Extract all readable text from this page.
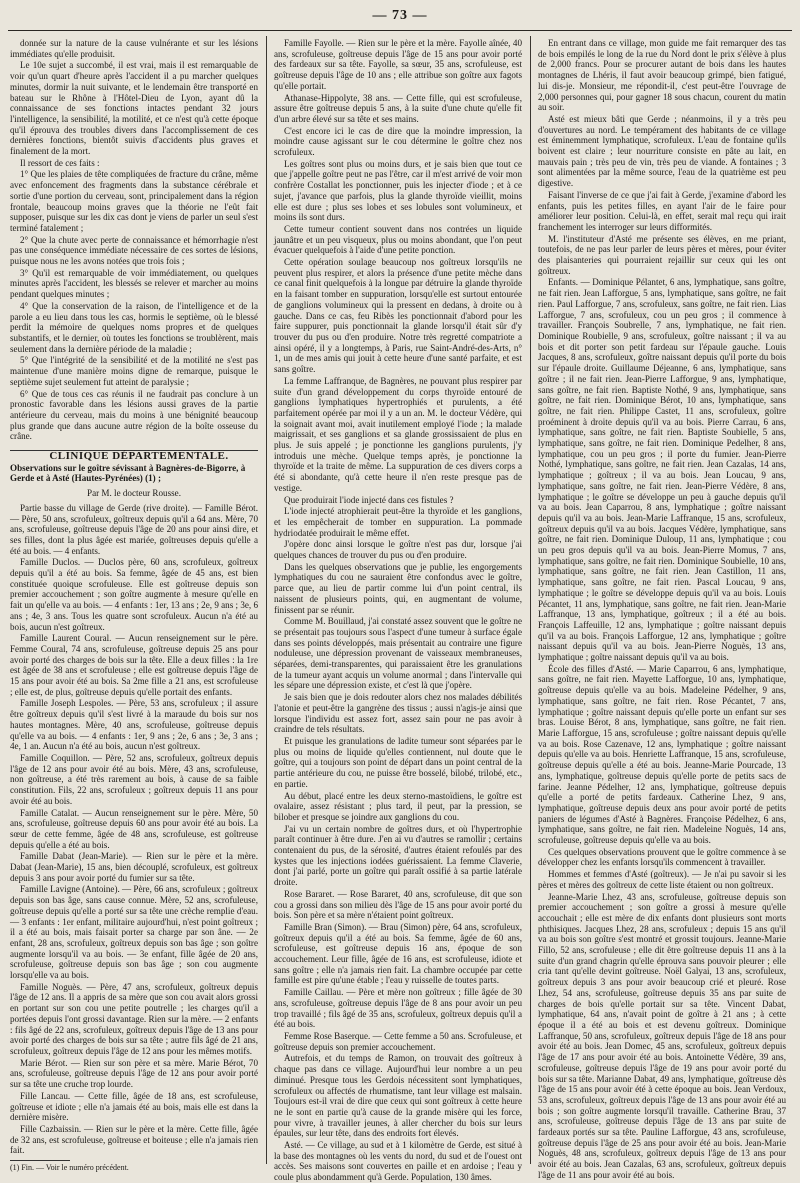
— 73 —

donnée sur la nature de la cause vulnérante et sur les lésions immédiates qu'elle produisit.

Le 10e sujet a succombé, il est vrai, mais il est remarquable de voir qu'un quart d'heure après l'accident il a pu marcher quelques minutes, dormir la nuit suivante, et le lendemain être transporté en bateau sur le Rhône à l'Hôtel-Dieu de Lyon, ayant dû la connaissance de ses fonctions intactes pendant 32 jours l'intelligence, la sensibilité, la motilité, et ce n'est qu'à cette époque qu'il éprouva des troubles divers dans l'accomplissement de ces dernières fonctions, bientôt suivis d'accidents plus graves et finalement de la mort.

Il ressort de ces faits :

1° Que les plaies de tête compliquées de fracture du crâne, même avec enfoncement des fragments dans la substance cérébrale et sortie d'une portion du cerveau, sont, principalement dans la région frontale, beaucoup moins graves que la théorie ne l'eût fait supposer, puisque sur les dix cas dont je viens de parler un seul s'est terminé fatalement ;

2° Que la chute avec perte de connaissance et hémorrhagie n'est pas une conséquence immédiate nécessaire de ces sortes de lésions, puisque nous ne les avons notées que trois fois ;

3° Qu'il est remarquable de voir immédiatement, ou quelques minutes après l'accident, les blessés se relever et marcher au moins pendant quelques minutes ;

4° Que la conservation de la raison, de l'intelligence et de la parole a eu lieu dans tous les cas, hormis le septième, où le blessé perdit la mémoire de quelques noms propres et de quelques substantifs, et le dernier, où toutes les fonctions se troublèrent, mais seulement dans la dernière période de la maladie ;

5° Que l'intégrité de la sensibilité et de la motilité ne s'est pas maintenue d'une manière moins digne de remarque, puisque le septième sujet seulement fut atteint de paralysie ;

6° Que de tous ces cas réunis il ne faudrait pas conclure à un pronostic favorable dans les lésions aussi graves de la partie antérieure du cerveau, mais du moins à une bénignité beaucoup plus grande que dans aucune autre région de la boîte osseuse du crâne.

CLINIQUE DÉPARTEMENTALE.

Observations sur le goître sévissant à Bagnères-de-Bigorre, à Gerde et à Asté (Hautes-Pyrénées) (1) ;

Par M. le docteur Rousse.

Partie basse du village de Gerde (rive droite). — Famille Bérot. — Père, 50 ans, scrofuleux, goîtreux depuis qu'il a 64 ans. Mère, 70 ans, scrofuleuse, goîtreuse depuis l'âge de 20 ans pour ainsi dire, et ses filles, dont la plus âgée est mariée, goîtreuses depuis qu'elle a été au bois. — 4 enfants.

Famille Duclos. — Duclos père, 60 ans, scrofuleux, goîtreux depuis qu'il a été au bois. Sa femme, âgée de 45 ans, est bien constituée quoique scrofuleuse. Elle est goîtreuse depuis son premier accouchement ; son goître augmente à mesure qu'elle en fait un qu'elle va au bois. — 4 enfants : 1er, 13 ans ; 2e, 9 ans ; 3e, 6 ans ; 4e, 3 ans. Tous les quatre sont scrofuleux. Aucun n'a été au bois, aucun n'est goîtreux.

Famille Laurent Coural. — Aucun renseignement sur le père. Femme Coural, 74 ans, scrofuleuse, goîtreuse depuis 25 ans pour avoir porté des charges de bois sur la tête. Elle a deux filles : la 1re est âgée de 38 ans et scrofuleuse ; elle est goîtreuse depuis l'âge de 15 ans pour avoir été au bois. Sa 2me fille a 21 ans, est scrofuleuse ; elle est, de plus, goîtreuse depuis qu'elle portait des enfants.

Famille Joseph Lespoles. — Père, 53 ans, scrofuleux ; il assure être goîtreux depuis qu'il s'est livré à la maraude du bois sur nos hautes montagnes. Mère, 40 ans, scrofuleuse, goîtreuse depuis qu'elle va au bois. — 4 enfants : 1er, 9 ans ; 2e, 6 ans ; 3e, 3 ans ; 4e, 1 an. Aucun n'a été au bois, aucun n'est goîtreux.

Famille Coquillon. — Père, 52 ans, scrofuleux, goîtreux depuis l'âge de 12 ans pour avoir été au bois. Mère, 43 ans, scrofuleuse, non goîtreuse, a été très rarement au bois, à cause de sa faible constitution. Fils, 22 ans, scrofuleux ; goîtreux depuis 11 ans pour avoir été au bois.

Famille Catalat. — Aucun renseignement sur le père. Mère, 50 ans, scrofuleuse, goîtreuse depuis 60 ans pour avoir été au bois. La sœur de cette femme, âgée de 48 ans, scrofuleuse, est goîtreuse depuis qu'elle a été au bois.

Famille Dabat (Jean-Marie). — Rien sur le père et la mère. Dabat (Jean-Marie), 15 ans, bien découplé, scrofuleux, est goîtreux depuis 3 ans pour avoir porté du fumier sur sa tête.

Famille Lavigne (Antoine). — Père, 66 ans, scrofuleux ; goîtreux depuis son bas âge, sans cause connue. Mère, 52 ans, scrofuleuse, goîtreuse depuis qu'elle a porté sur sa tête une crèche remplie d'eau. — 3 enfants : 1er enfant, militaire aujourd'hui, n'est point goîtreux ; il a été au bois, mais faisait porter sa charge par son âne. — 2e enfant, 28 ans, scrofuleux, goîtreux depuis son bas âge ; son goître augmente lorsqu'il va au bois. — 3e enfant, fille âgée de 20 ans, scrofuleuse, goîtreuse depuis son bas âge ; son cou augmente lorsqu'elle va au bois.

Famille Noguès. — Père, 47 ans, scrofuleux, goîtreux depuis l'âge de 12 ans. Il a appris de sa mère que son cou avait alors grossi en portant sur son cou une petite poutrelle ; les charges qu'il a portées depuis l'ont grossi davantage. Rien sur la mère. — 2 enfants : fils âgé de 22 ans, scrofuleux, goîtreux depuis l'âge de 13 ans pour avoir porté des charges de bois sur sa tête ; autre fils âgé de 21 ans, scrofuleux, goîtreux depuis l'âge de 12 ans pour les mêmes motifs.

Marie Bérot. — Rien sur son père et sa mère. Marie Bérot, 70 ans, scrofuleuse, goîtreuse depuis l'âge de 12 ans pour avoir porté sur sa tête une cruche trop lourde.

Fille Lancau. — Cette fille, âgée de 18 ans, est scrofuleuse, goîtreuse et idiote ; elle n'a jamais été au bois, mais elle est dans la dernière misère.

Fille Cazbaissin. — Rien sur le père et la mère. Cette fille, âgée de 32 ans, est scrofuleuse, goîtreuse et boiteuse ; elle n'a jamais rien fait.

(1) Fin. — Voir le numéro précédent.

Famille Fayolle. — Rien sur le père et la mère. Fayolle aînée, 40 ans, scrofuleuse, goîtreuse depuis l'âge de 15 ans pour avoir porté des fardeaux sur sa tête. Fayolle, sa sœur, 35 ans, scrofuleuse, est goîtreuse depuis l'âge de 10 ans ; elle attribue son goître aux fagots qu'elle portait.

Athanase-Hippolyte, 38 ans. — Cette fille, qui est scrofuleuse, assure être goîtreuse depuis 5 ans, à la suite d'une chute qu'elle fit d'un arbre élevé sur sa tête et ses mains.

C'est encore ici le cas de dire que la moindre impression, la moindre cause agissant sur le cou détermine le goître chez nos scrofuleux.

Les goîtres sont plus ou moins durs, et je sais bien que tout ce que j'appelle goître peut ne pas l'être, car il m'est arrivé de voir mon confrère Costallat les ponctionner, puis les injecter d'iode ; et à ce sujet, j'avance que parfois, plus la glande thyroïde vieillit, moins elle est dure ; plus ses lobes et ses lobules sont volumineux, et moins ils sont durs.

Cette tumeur contient souvent dans nos contrées un liquide jaunâtre et un peu visqueux, plus ou moins abondant, que l'on peut évacuer quelquefois à l'aide d'une petite ponction.

Cette opération soulage beaucoup nos goîtreux lorsqu'ils ne peuvent plus respirer, et alors la présence d'une petite mèche dans ce canal finit quelquefois à la longue par détruire la glande thyroïde en la faisant tomber en suppuration, lorsqu'elle est surtout entourée de ganglions volumineux qui la pressent en dedans, à droite ou à gauche. Dans ce cas, feu Ribès les ponctionnait d'abord pour les faire suppurer, puis ponctionnait la glande lorsqu'il était sûr d'y trouver du pus ou d'en produire. Notre très regretté compatriote a ainsi opéré, il y a longtemps, à Paris, rue Saint-André-des-Arts, n° 1, un de mes amis qui jouit à cette heure d'une santé parfaite, et est sans goître.

La femme Laffranque, de Bagnères, ne pouvant plus respirer par suite d'un grand développement du corps thyroïde entouré de ganglions lymphatiques hypertrophiés et purulents, a été parfaitement opérée par moi il y a un an. M. le docteur Védère, qui la soignait avant moi, avait inutilement employé l'iode ; la malade maigrissait, et ses ganglions et sa glande grossissaient de plus en plus. Je suis appelé ; je ponctionne les ganglions purulents, j'y introduis une mèche. Quelque temps après, je ponctionne la thyroïde et la traite de même. La suppuration de ces divers corps a été si abondante, qu'à cette heure il n'en reste presque pas de vestige.

Que produirait l'iode injecté dans ces fistules ?

L'iode injecté atrophierait peut-être la thyroïde et les ganglions, et les empêcherait de tomber en suppuration. La pommade hydriodatée produirait le même effet.

J'opère donc ainsi lorsque le goître n'est pas dur, lorsque j'ai quelques chances de trouver du pus ou d'en produire.

Dans les quelques observations que je publie, les engorgements lymphatiques du cou ne sauraient être confondus avec le goître, parce que, au lieu de partir comme lui d'un point central, ils naissent de plusieurs points, qui, en augmentant de volume, finissent par se réunir.

Comme M. Bouillaud, j'ai constaté assez souvent que le goître ne se présentait pas toujours sous l'aspect d'une tumeur à surface égale dans ses points développés, mais présentait au contraire une figure noduleuse, une dépression provenant de vaisseaux membraneuses, séparées, demi-transparentes, qui paraissaient être les granulations de la tumeur ayant acquis un volume anormal ; dans l'intervalle qui les sépare une dépression existe, et c'est là que j'opère.

Je sais bien que je dois redouter alors chez nos malades débilités l'atonie et peut-être la gangrène des tissus ; aussi n'agis-je ainsi que lorsque l'individu est assez fort, assez sain pour ne pas avoir à craindre de tels résultats.

Et puisque les granulations de ladite tumeur sont séparées par le plus ou moins de liquide qu'elles contiennent, nul doute que le goître, qui a toujours son point de départ dans un point central de la partie antérieure du cou, ne puisse être bosselé, bilobé, trilobé, etc., en partie.

Au début, placé entre les deux sterno-mastoïdiens, le goître est ovalaire, assez résistant ; plus tard, il peut, par la pression, se bilober et presque se joindre aux ganglions du cou.

J'ai vu un certain nombre de goîtres durs, et où l'hypertrophie paraît continuer à être dure. J'en ai vu d'autres se ramollir ; certains contenaient du pus, de la sérosité, d'autres étaient refoulés par des kystes que les injections iodées guérissaient. La femme Claverie, dont j'ai parlé, porte un goître qui paraît ossifié à sa partie latérale droite.

Rose Bararet. — Rose Bararet, 40 ans, scrofuleuse, dit que son cou a grossi dans son milieu dès l'âge de 15 ans pour avoir porté du bois. Son père et sa mère n'étaient point goîtreux.

Famille Bran (Simon). — Brau (Simon) père, 64 ans, scrofuleux, goîtreux depuis qu'il a été au bois. Sa femme, âgée de 60 ans, scrofuleuse, est goîtreuse depuis 16 ans, époque de son accouchement. Leur fille, âgée de 16 ans, est scrofuleuse, idiote et sans goître ; elle n'a jamais rien fait. La chambre occupée par cette famille est pire qu'une étable ; l'eau y ruisselle de toutes parts.

Famille Caillau. — Père et mère non goîtreux ; fille âgée de 30 ans, scrofuleuse, goîtreuse depuis l'âge de 8 ans pour avoir un peu trop travaillé ; fils âgé de 35 ans, scrofuleux, goîtreux depuis qu'il a été au bois.

Femme Rose Baserque. — Cette femme a 50 ans. Scrofuleuse, et goîtreuse depuis son premier accouchement.

Autrefois, et du temps de Ramon, on trouvait des goîtreux à chaque pas dans ce village. Aujourd'hui leur nombre a un peu diminué. Presque tous les Gerdois nécessitent sont lymphatiques, scrofuleux ou affectés de rhumatisme, tant leur village est malsain. Toujours est-il vrai de dire que ceux qui sont goîtreux à cette heure ne le sont en partie qu'à cause de la grande misère qui les force, pour vivre, à travailler jeunes, à aller chercher du bois sur leurs épaules, sur leur tête, dans des endroits fort élevés.

Asté. — Ce village, au sud et à 1 kilomètre de Gerde, est situé à la base des montagnes où les vents du nord, du sud et de l'ouest ont accès. Ses maisons sont couvertes en paille et en ardoise ; l'eau y coule plus abondamment qu'à Gerde. Population, 130 âmes.

En entrant dans ce village, mon guide me fait remarquer des tas de bois empilés le long de la rue du Nord dont le prix s'élève à plus de 2,000 francs. Pour se procurer autant de bois dans les hautes montagnes de Lhéris, il faut avoir beaucoup grimpé, bien fatigué, lui dis-je. Monsieur, me répondit-il, c'est peut-être l'ouvrage de 2,000 personnes qui, pour gagner 18 sous chacun, courent du matin au soir.

Asté est mieux bâti que Gerde ; néanmoins, il y a très peu d'ouvertures au nord. Le tempérament des habitants de ce village est éminemment lymphatique, scrofuleux. L'eau de fontaine qu'ils boivent est claire ; leur nourriture consiste en pâte au lait, en mauvais pain ; très peu de vin, très peu de viande. A fontaines ; 3 sont alimentées par la même source, l'eau de la quatrième est peu digestive.

Faisant l'inverse de ce que j'ai fait à Gerde, j'examine d'abord les enfants, puis les petites filles, en ayant l'air de le faire pour améliorer leur position. Celui-là, en effet, serait mal reçu qui irait franchement les interroger sur leurs difformités.

M. l'instituteur d'Asté me présente ses élèves, en me priant, toutefois, de ne pas leur parler de leurs pères et mères, pour éviter des plaisanteries qui pourraient rejaillir sur ceux qui les ont goîtreux.

Enfants. — Dominique Pélantet, 6 ans, lymphatique, sans goître, ne fait rien. Jean Lafforgue, 5 ans, lymphatique, sans goître, ne fait rien. Paul Lafforgue, 7 ans, scrofuleux, sans goître, ne fait rien. Lias Lafforgue, 7 ans, scrofuleux, cou un peu gros ; il commence à travailler. François Soubrelle, 7 ans, lymphatique, ne fait rien. Dominique Roubielle, 9 ans, scrofuleux, goître naissant ; il va au bois et dit porter son petit fardeau sur l'épaule gauche. Louis Jacques, 8 ans, scrofuleux, goître naissant depuis qu'il porte du bois sur l'épaule droite. Guillaume Déjeanne, 6 ans, lymphatique, sans goître ; il ne fait rien. Jean-Pierre Lafforgue, 9 ans, lymphatique, sans goître, ne fait rien. Baptiste Nothé, 9 ans, lymphatique, sans goître, ne fait rien. Dominique Bérot, 10 ans, lymphatique, sans goître, ne fait rien. Philippe Castet, 11 ans, scrofuleux, goître proéminent à droite depuis qu'il va au bois. Pierre Carrau, 6 ans, lymphatique, sans goître, ne fait rien. Baptiste Soubielle, 5 ans, lymphatique, sans goître, ne fait rien. Dominique Pedelher, 8 ans, lymphatique, cou un peu gros ; il porte du fumier. Jean-Pierre Nothé, lymphatique, sans goître, ne fait rien. Jean Cazalas, 14 ans, lymphatique ; goîtreux ; il va au bois. Jean Loucau, 9 ans, lymphatique, sans goître, ne fait rien. Jean-Pierre Védère, 8 ans, lymphatique ; le goître se développe un peu à gauche depuis qu'il va au bois. Jean Caparrou, 8 ans, lymphatique ; goître naissant depuis qu'il va au bois. Jean-Marie Laffranque, 15 ans, scrofuleux, goîtreux depuis qu'il va au bois. Jacques Védère, lymphatique, sans goître, ne fait rien. Dominique Duloup, 11 ans, lymphatique ; cou un peu gros depuis qu'il va au bois. Jean-Pierre Momus, 7 ans, lymphatique, sans goître, ne fait rien. Dominique Soubielle, 10 ans, lymphatique, sans goître, ne fait rien. Jean Castillon, 11 ans, lymphatique, sans goître, ne fait rien. Pascal Loucau, 9 ans, lymphatique ; le goître se développe depuis qu'il va au bois. Louis Pécantet, 11 ans, lymphatique, sans goître, ne fait rien. Jean-Marie Laffranque, 13 ans, lymphatique, goîtreux ; il a été au bois. François Laffeuille, 12 ans, lymphatique ; goître naissant depuis qu'il va au bois. François Lafforgue, 12 ans, lymphatique ; goître naissant depuis qu'il va au bois. Jean-Pierre Noguès, 13 ans, lymphatique ; goître naissant depuis qu'il va au bois.

École des filles d'Asté. — Marie Caparrou, 6 ans, lymphatique, sans goître, ne fait rien. Mayette Lafforgue, 10 ans, lymphatique, goîtreuse depuis qu'elle va au bois. Madeleine Pédelher, 9 ans, lymphatique, sans goître, ne fait rien. Rose Pécantet, 7 ans, lymphatique ; goître naissant depuis qu'elle porte un enfant sur ses bras. Louise Bérot, 8 ans, lymphatique, sans goître, ne fait rien. Marie Lafforgue, 15 ans, scrofuleuse ; goître naissant depuis qu'elle va au bois. Rose Cazenave, 12 ans, lymphatique ; goître naissant depuis qu'elle va au bois. Henriette Laffranque, 15 ans, scrofuleuse, goîtreuse depuis qu'elle a été au bois. Jeanne-Marie Pourcade, 13 ans, lymphatique, goîtreuse depuis qu'elle porte de petits sacs de farine. Jeanne Pédelher, 12 ans, lymphatique, goîtreuse depuis qu'elle a porté de petits fardeaux. Catherine Lhez, 9 ans, lymphatique, goîtreuse depuis deux ans pour avoir porté de petits paniers de légumes d'Asté à Bagnères. Françoise Pédelhez, 6 ans, lymphatique, sans goître, ne fait rien. Madeleine Noguès, 14 ans, scrofuleuse, goîtreuse depuis qu'elle va au bois.

Ces quelques observations prouvent que le goître commence à se développer chez les enfants lorsqu'ils commencent à travailler.

Hommes et femmes d'Asté (goîtreux). — Je n'ai pu savoir si les pères et mères des goîtreux de cette liste étaient ou non goîtreux.

Jeanne-Marie Lhez, 43 ans, scrofuleuse, goîtreuse depuis son premier accouchement ; son goître a grossi à mesure qu'elle accouchait ; elle est mère de dix enfants dont plusieurs sont morts phthisiques. Jacques Lhez, 28 ans, scrofuleux ; depuis 15 ans qu'il va au bois son goître s'est montré et grossit toujours. Jeanne-Marie Fillo, 52 ans, scrofuleuse ; elle dit être goîtreuse depuis 11 ans à la suite d'un grand chagrin qu'elle éprouva sans pouvoir pleurer ; elle cria tant qu'elle devint goîtreuse. Noël Galyai, 13 ans, scrofuleux, goîtreux depuis 3 ans pour avoir beaucoup crié et pleuré. Rose Lhez, 54 ans, scrofuleuse, goîtreuse depuis 35 ans par suite de charges de bois qu'elle portait sur sa tête. Vincent Dabat, lymphatique, 64 ans, n'avait point de goître à 21 ans ; à cette époque il a été au bois et est devenu goîtreux. Dominique Laffranque, 50 ans, scrofuleux, goîtreux depuis l'âge de 18 ans pour avoir été au bois. Jean Domec, 45 ans, scrofuleux, goîtreux depuis l'âge de 17 ans pour avoir été au bois. Antoinette Védère, 39 ans, scrofuleuse, goîtreuse depuis l'âge de 19 ans pour avoir porté du bois sur sa tête. Marianne Dabat, 49 ans, lymphatique, goîtreuse dès l'âge de 15 ans pour avoir été à cette époque au bois. Jean Verdoux, 53 ans, scrofuleux, goîtreux depuis l'âge de 13 ans pour avoir été au bois ; son goître augmente lorsqu'il travaille. Catherine Brau, 37 ans, scrofuleuse, goîtreuse depuis l'âge de 13 ans par suite de fardeaux portés sur sa tête. Pauline Lafforgue, 43 ans, scrofuleuse, goîtreuse depuis l'âge de 25 ans pour avoir été au bois. Jean-Marie Noguès, 48 ans, scrofuleux, goîtreux depuis l'âge de 13 ans pour avoir été au bois. Jean Cazalas, 63 ans, scrofuleux, goîtreux depuis l'âge de 11 ans pour avoir été au bois.
